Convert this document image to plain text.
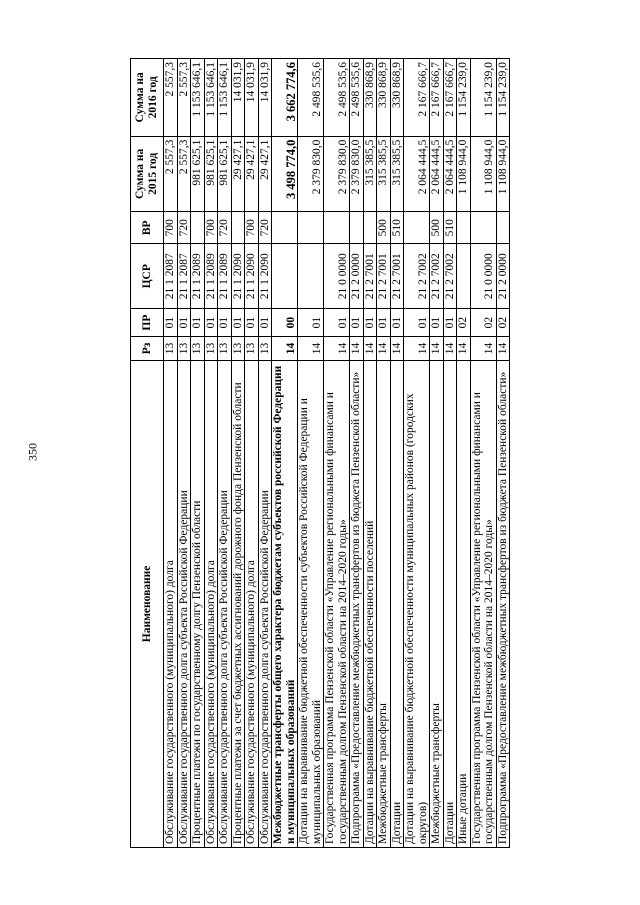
350
Наименование	Рз	ПР	ЦСР	ВР	Сумма на 2015 год	Сумма на 2016 год
Обслуживание государственного (муниципального) долга	13	01	21 1 2087	700	2 557,3	2 557,3
Обслуживание государственного долга субъекта Российской Федерации	13	01	21 1 2087	720	2 557,3	2 557,3
Процентные платежи по государственному долгу Пензенской области	13	01	21 1 2089		981 625,1	1 153 646,1
Обслуживание государственного (муниципального) долга	13	01	21 1 2089	700	981 625,1	1 153 646,1
Обслуживание государственного долга субъекта Российской Федерации	13	01	21 1 2089	720	981 625,1	1 153 646,1
Процентные платежи за счет бюджетных ассигнований дорожного фонда Пензенской области	13	01	21 1 2090		29 427,1	14 031,9
Обслуживание государственного (муниципального) долга	13	01	21 1 2090	700	29 427,1	14 031,9
Обслуживание государственного долга субъекта Российской Федерации	13	01	21 1 2090	720	29 427,1	14 031,9
Межбюджетные трансферты общего характера бюджетам субъектов российской Федерации и муниципальных образований	14	00			3 498 774,0	3 662 774,6
Дотации на выравнивание бюджетной обеспеченности субъектов Российской Федерации и муниципальных образований	14	01			2 379 830,0	2 498 535,6
Государственная программа Пензенской области «Управление региональными финансами и государственным долгом Пензенской области на 2014–2020 годы»	14	01	21 0 0000		2 379 830,0	2 498 535,6
Подпрограмма «Предоставление межбюджетных трансфертов из бюджета Пензенской области»	14	01	21 2 0000		2 379 830,0	2 498 535,6
Дотации на выравнивание бюджетной обеспеченности поселений	14	01	21 2 7001		315 385,5	330 868,9
Межбюджетные трансферты	14	01	21 2 7001	500	315 385,5	330 868,9
Дотации	14	01	21 2 7001	510	315 385,5	330 868,9
Дотации на выравнивание бюджетной обеспеченности муниципальных районов (городских округов)	14	01	21 2 7002		2 064 444,5	2 167 666,7
Межбюджетные трансферты	14	01	21 2 7002	500	2 064 444,5	2 167 666,7
Дотации	14	01	21 2 7002	510	2 064 444,5	2 167 666,7
Иные дотации	14	02			1 108 944,0	1 154 239,0
Государственная программа Пензенской области «Управление региональными финансами и государственным долгом Пензенской области на 2014–2020 годы»	14	02	21 0 0000		1 108 944,0	1 154 239,0
Подпрограмма «Предоставление межбюджетных трансфертов из бюджета Пензенской области»	14	02	21 2 0000		1 108 944,0	1 154 239,0
